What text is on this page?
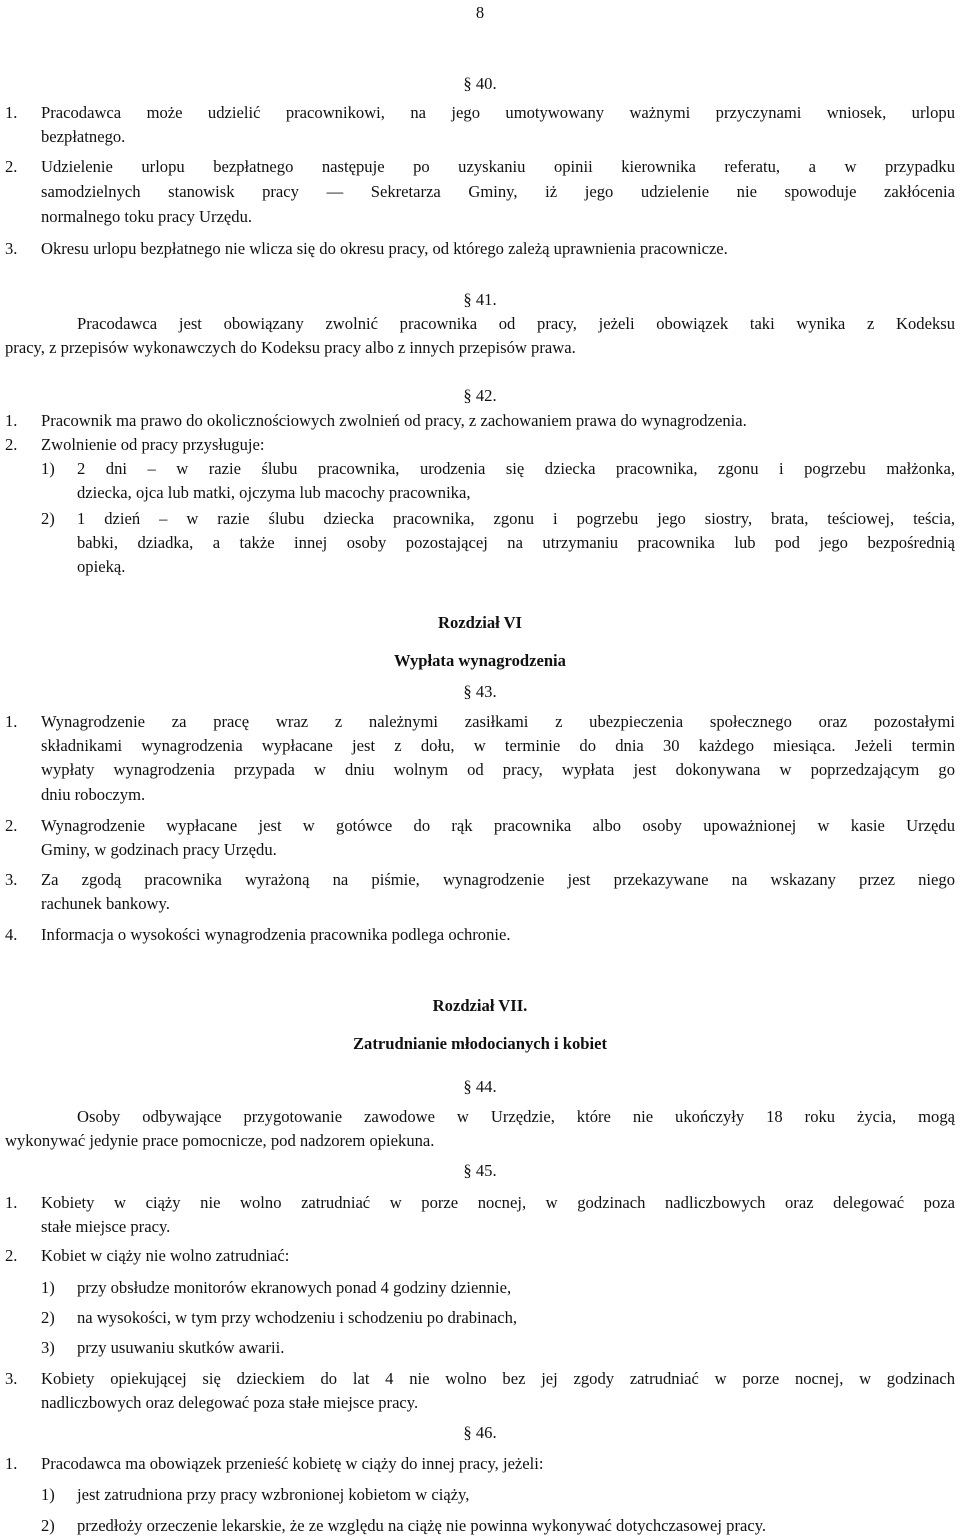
8
§ 40.
1. Pracodawca może udzielić pracownikowi, na jego umotywowany ważnymi przyczynami wniosek, urlopu
bezpłatnego.
2. Udzielenie urlopu bezpłatnego następuje po uzyskaniu opinii kierownika referatu, a w przypadku
samodzielnych stanowisk pracy — Sekretarza Gminy, iż jego udzielenie nie spowoduje zakłócenia
normalnego toku pracy Urzędu.
3. Okresu urlopu bezpłatnego nie wlicza się do okresu pracy, od którego zależą uprawnienia pracownicze.
§ 41.
Pracodawca jest obowiązany zwolnić pracownika od pracy, jeżeli obowiązek taki wynika z Kodeksu
pracy, z przepisów wykonawczych do Kodeksu pracy albo z innych przepisów prawa.
§ 42.
1. Pracownik ma prawo do okolicznościowych zwolnień od pracy, z zachowaniem prawa do wynagrodzenia.
2. Zwolnienie od pracy przysługuje:
1) 2 dni – w razie ślubu pracownika, urodzenia się dziecka pracownika, zgonu i pogrzebu małżonka,
dziecka, ojca lub matki, ojczyma lub macochy pracownika,
2) 1 dzień – w razie ślubu dziecka pracownika, zgonu i pogrzebu jego siostry, brata, teściowej, teścia,
babki, dziadka, a także innej osoby pozostającej na utrzymaniu pracownika lub pod jego bezpośrednią
opieką.
Rozdział VI
Wypłata wynagrodzenia
§ 43.
1. Wynagrodzenie za pracę wraz z należnymi zasiłkami z ubezpieczenia społecznego oraz pozostałymi
składnikami wynagrodzenia wypłacane jest z dołu, w terminie do dnia 30 każdego miesiąca. Jeżeli termin
wypłaty wynagrodzenia przypada w dniu wolnym od pracy, wypłata jest dokonywana w poprzedzającym go
dniu roboczym.
2. Wynagrodzenie wypłacane jest w gotówce do rąk pracownika albo osoby upoważnionej w kasie Urzędu
Gminy, w godzinach pracy Urzędu.
3. Za zgodą pracownika wyrażoną na piśmie, wynagrodzenie jest przekazywane na wskazany przez niego
rachunek bankowy.
4. Informacja o wysokości wynagrodzenia pracownika podlega ochronie.
Rozdział VII.
Zatrudnianie młodocianych i kobiet
§ 44.
Osoby odbywające przygotowanie zawodowe w Urzędzie, które nie ukończyły 18 roku życia, mogą
wykonywać jedynie prace pomocnicze, pod nadzorem opiekuna.
§ 45.
1. Kobiety w ciąży nie wolno zatrudniać w porze nocnej, w godzinach nadliczbowych oraz delegować poza
stałe miejsce pracy.
2. Kobiet w ciąży nie wolno zatrudniać:
1) przy obsłudze monitorów ekranowych ponad 4 godziny dziennie,
2) na wysokości, w tym przy wchodzeniu i schodzeniu po drabinach,
3) przy usuwaniu skutków awarii.
3. Kobiety opiekującej się dzieckiem do lat 4 nie wolno bez jej zgody zatrudniać w porze nocnej, w godzinach
nadliczbowych oraz delegować poza stałe miejsce pracy.
§ 46.
1. Pracodawca ma obowiązek przenieść kobietę w ciąży do innej pracy, jeżeli:
1) jest zatrudniona przy pracy wzbronionej kobietom w ciąży,
2) przedłoży orzeczenie lekarskie, że ze względu na ciążę nie powinna wykonywać dotychczasowej pracy.
